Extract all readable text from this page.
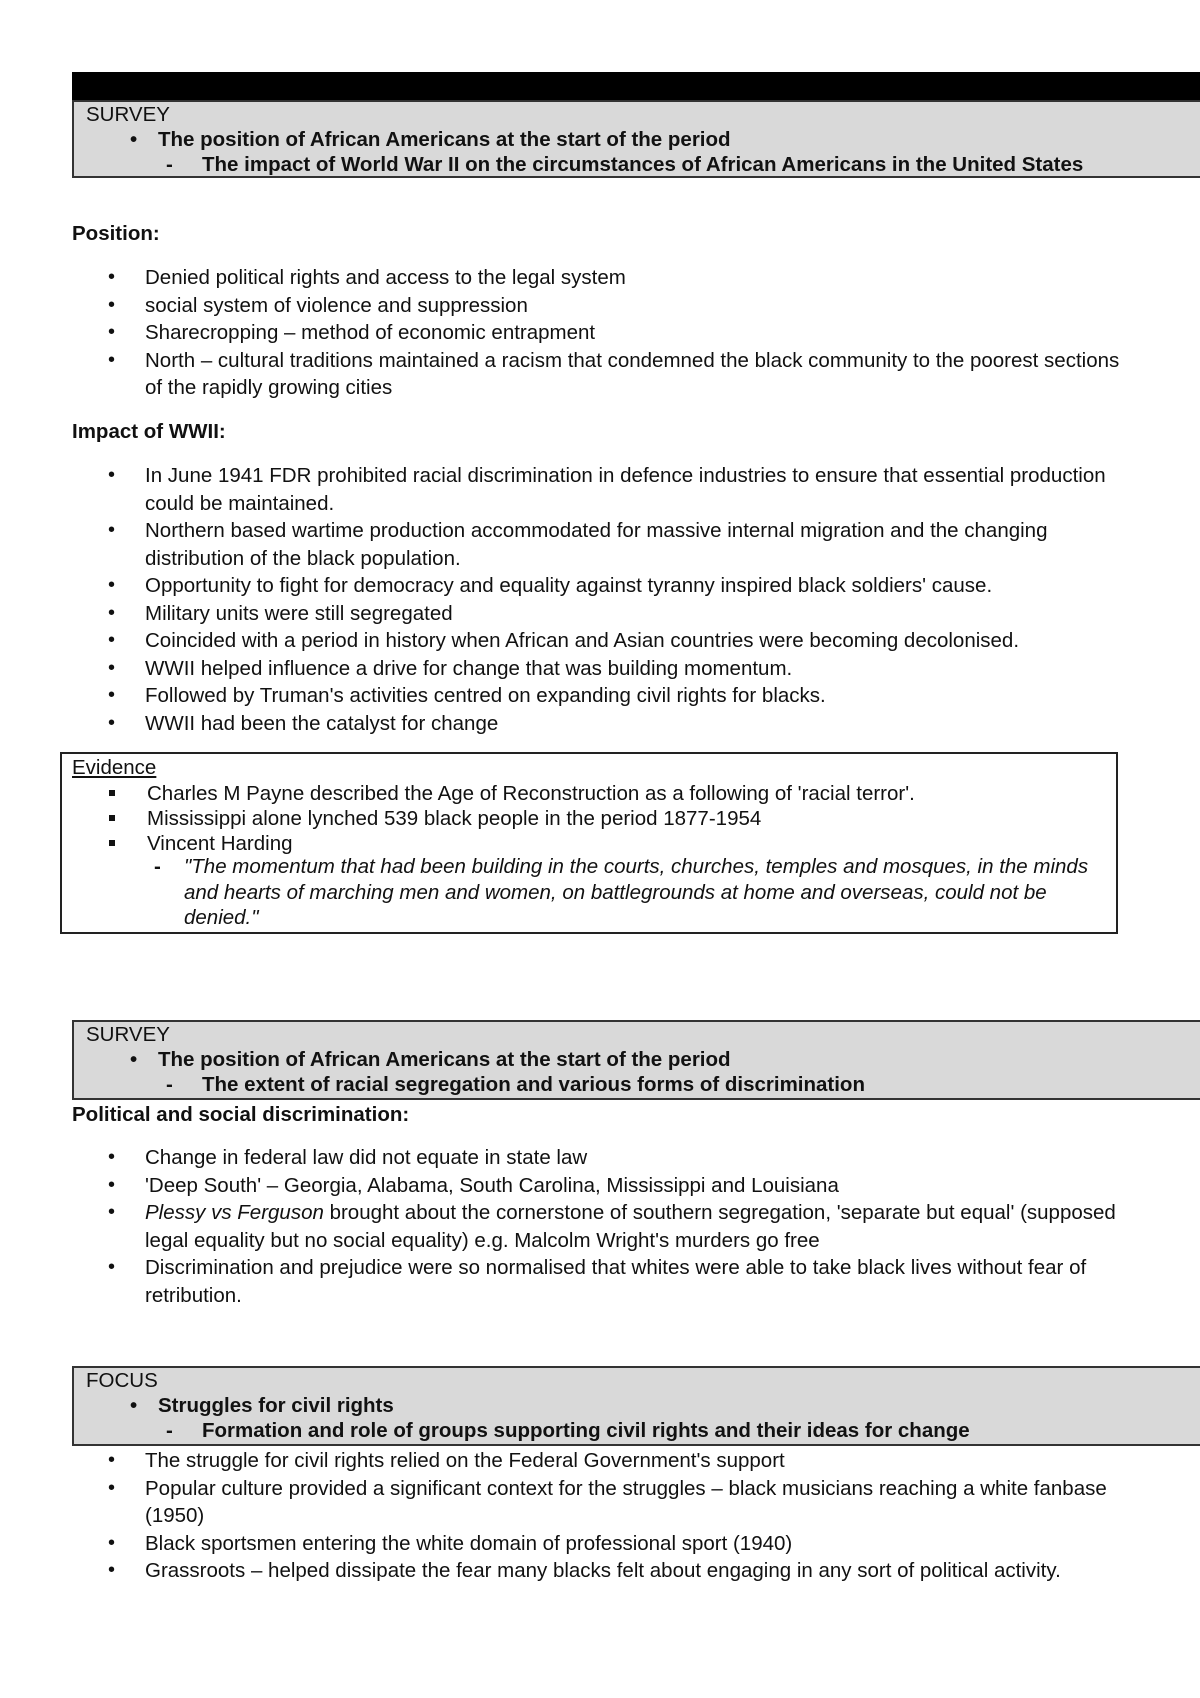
SURVEY
• The position of African Americans at the start of the period
- The impact of World War II on the circumstances of African Americans in the United States
Position:
• Denied political rights and access to the legal system
• social system of violence and suppression
• Sharecropping – method of economic entrapment
• North – cultural traditions maintained a racism that condemned the black community to the poorest sections of the rapidly growing cities
Impact of WWII:
• In June 1941 FDR prohibited racial discrimination in defence industries to ensure that essential production could be maintained.
• Northern based wartime production accommodated for massive internal migration and the changing distribution of the black population.
• Opportunity to fight for democracy and equality against tyranny inspired black soldiers' cause.
• Military units were still segregated
• Coincided with a period in history when African and Asian countries were becoming decolonised.
• WWII helped influence a drive for change that was building momentum.
• Followed by Truman's activities centred on expanding civil rights for blacks.
• WWII had been the catalyst for change
Evidence
Charles M Payne described the Age of Reconstruction as a following of 'racial terror'.
Mississippi alone lynched 539 black people in the period 1877-1954
Vincent Harding
- "The momentum that had been building in the courts, churches, temples and mosques, in the minds and hearts of marching men and women, on battlegrounds at home and overseas, could not be denied."
SURVEY
• The position of African Americans at the start of the period
- The extent of racial segregation and various forms of discrimination
Political and social discrimination:
• Change in federal law did not equate in state law
• 'Deep South' – Georgia, Alabama, South Carolina, Mississippi and Louisiana
• Plessy vs Ferguson brought about the cornerstone of southern segregation, 'separate but equal' (supposed legal equality but no social equality) e.g. Malcolm Wright's murders go free
• Discrimination and prejudice were so normalised that whites were able to take black lives without fear of retribution.
FOCUS
• Struggles for civil rights
- Formation and role of groups supporting civil rights and their ideas for change
• The struggle for civil rights relied on the Federal Government's support
• Popular culture provided a significant context for the struggles – black musicians reaching a white fanbase (1950)
• Black sportsmen entering the white domain of professional sport (1940)
• Grassroots – helped dissipate the fear many blacks felt about engaging in any sort of political activity.
